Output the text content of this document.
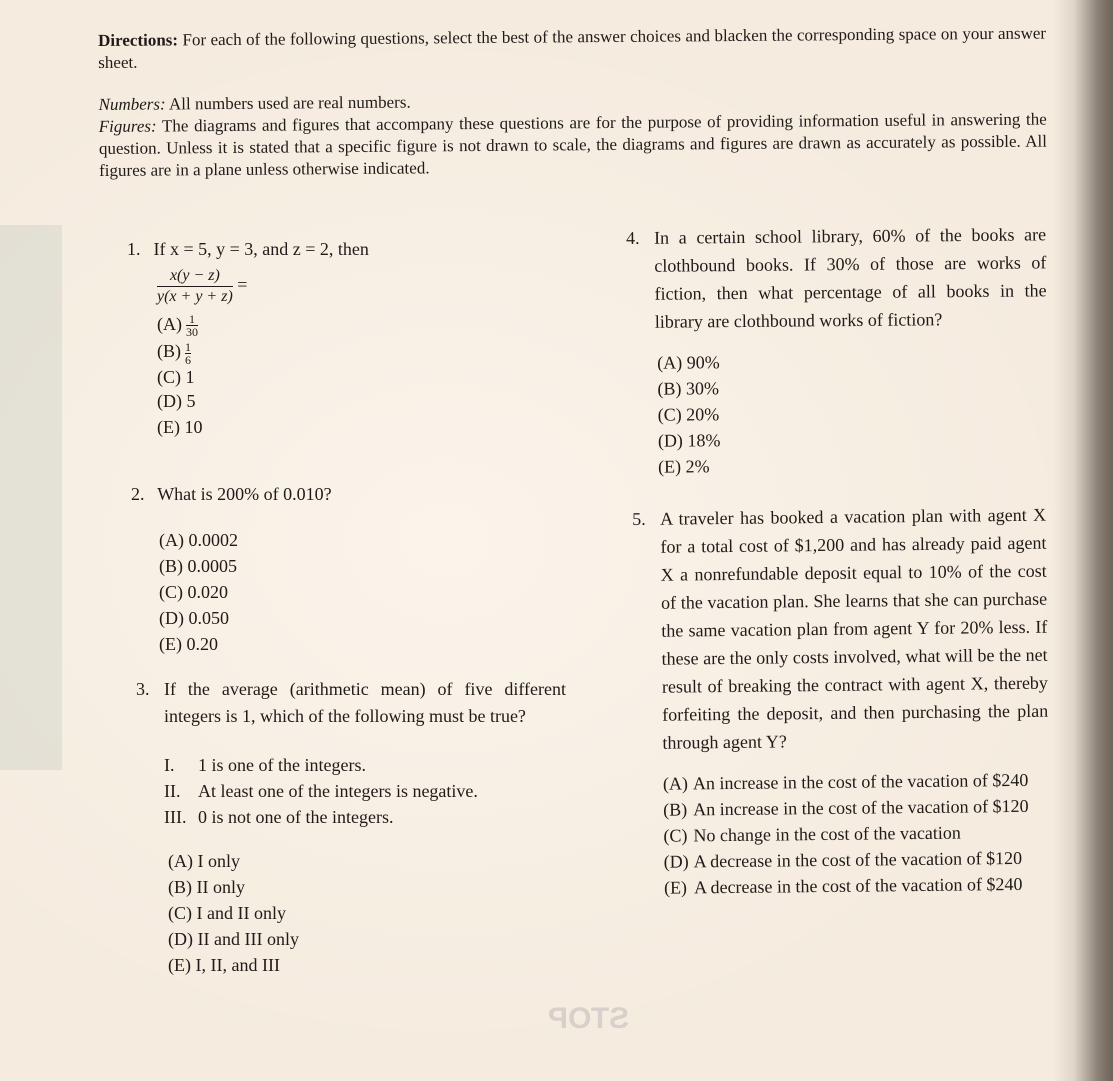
Directions: For each of the following questions, select the best of the answer choices and blacken the corresponding space on your answer sheet.

Numbers: All numbers used are real numbers.

Figures: The diagrams and figures that accompany these questions are for the purpose of providing information useful in answering the question. Unless it is stated that a specific figure is not drawn to scale, the diagrams and figures are drawn as accurately as possible. All figures are in a plane unless otherwise indicated.

1. If x = 5, y = 3, and z = 2, then
$\frac{x(y - z)}{y(x + y + z)}$ =
$(A) \frac{1}{30}$
$(B) \frac{1}{6}$
(C) 1
(D) 5
(E) 10
2. What is 200% of 0.010?
(A) 0.0002
(B) 0.0005
(C) 0.020
(D) 0.050
(E) 0.20
3. If the average (arithmetic mean) of five different integers is 1, which of the following must be true?
I. 1 is one of the integers.
II. At least one of the integers is negative.
III. 0 is not one of the integers.
(A) I only
(B) II only
(C) I and II only
(D) II and III only
(E) I, II, and III
4. In a certain school library, 60% of the books are clothbound books. If 30% of those are works of fiction, then what percentage of all books in the library are clothbound works of fiction?
(A) 90%
(B) 30%
(C) 20%
(D) 18%
(E) 2%
5. A traveler has booked a vacation plan with agent X for a total cost of $1,200 and has already paid agent X a nonrefundable deposit equal to 10% of the cost of the vacation plan. She learns that she can purchase the same vacation plan from agent Y for 20% less. If these are the only costs involved, what will be the net result of breaking the contract with agent X, thereby forfeiting the deposit, and then purchasing the plan through agent Y?
(A) An increase in the cost of the vacation of $240
(B) An increase in the cost of the vacation of $120
(C) No change in the cost of the vacation
(D) A decrease in the cost of the vacation of $120
(E) A decrease in the cost of the vacation of $240
STOP
